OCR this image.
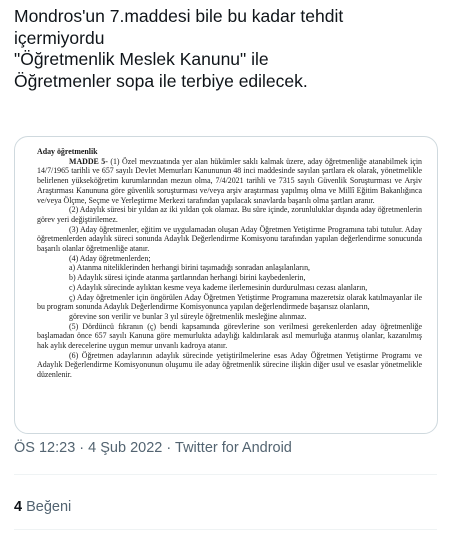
Mondros'un 7.maddesi bile bu kadar tehdit
içermiyordu
"Öğretmenlik Meslek Kanunu" ile
Öğretmenler sopa ile terbiye edilecek.
Aday öğretmenlik

MADDE 5- (1) Özel mevzuatında yer alan hükümler saklı kalmak üzere, aday öğretmenliğe atanabilmek için 14/7/1965 tarihli ve 657 sayılı Devlet Memurları Kanununun 48 inci maddesinde sayılan şartlara ek olarak, yönetmelikle belirlenen yükseköğretim kurumlarından mezun olma, 7/4/2021 tarihli ve 7315 sayılı Güvenlik Soruşturması ve Arşiv Araştırması Kanununa göre güvenlik soruşturması ve/veya arşiv araştırması yapılmış olma ve Millî Eğitim Bakanlığınca ve/veya Ölçme, Seçme ve Yerleştirme Merkezi tarafından yapılacak sınavlarda başarılı olma şartları aranır.

(2) Adaylık süresi bir yıldan az iki yıldan çok olamaz. Bu süre içinde, zorunluluklar dışında aday öğretmenlerin görev yeri değiştirilemez.

(3) Aday öğretmenler, eğitim ve uygulamadan oluşan Aday Öğretmen Yetiştirme Programına tabi tutulur. Aday öğretmenlerden adaylık süreci sonunda Adaylık Değerlendirme Komisyonu tarafından yapılan değerlendirme sonucunda başarılı olanlar öğretmenliğe atanır.

(4) Aday öğretmenlerden;

a) Atanma niteliklerinden herhangi birini taşımadığı sonradan anlaşılanların,

b) Adaylık süresi içinde atanma şartlarından herhangi birini kaybedenlerin,

c) Adaylık sürecinde aylıktan kesme veya kademe ilerlemesinin durdurulması cezası alanların,

ç) Aday öğretmenler için öngörülen Aday Öğretmen Yetiştirme Programına mazeretsiz olarak katılmayanlar ile bu program sonunda Adaylık Değerlendirme Komisyonunca yapılan değerlendirmede başarısız olanların,

görevine son verilir ve bunlar 3 yıl süreyle öğretmenlik mesleğine alınmaz.

(5) Dördüncü fıkranın (ç) bendi kapsamında görevlerine son verilmesi gerekenlerden aday öğretmenliğe başlamadan önce 657 sayılı Kanuna göre memurlukta adaylığı kaldırılarak asıl memurluğa atanmış olanlar, kazanılmış hak aylık derecelerine uygun memur unvanlı kadroya atanır.

(6) Öğretmen adaylarının adaylık sürecinde yetiştirilmelerine esas Aday Öğretmen Yetiştirme Programı ve Adaylık Değerlendirme Komisyonunun oluşumu ile aday öğretmenlik sürecine ilişkin diğer usul ve esaslar yönetmelikle düzenlenir.

ÖS 12:23 · 4 Şub 2022 · Twitter for Android
4 Beğeni
